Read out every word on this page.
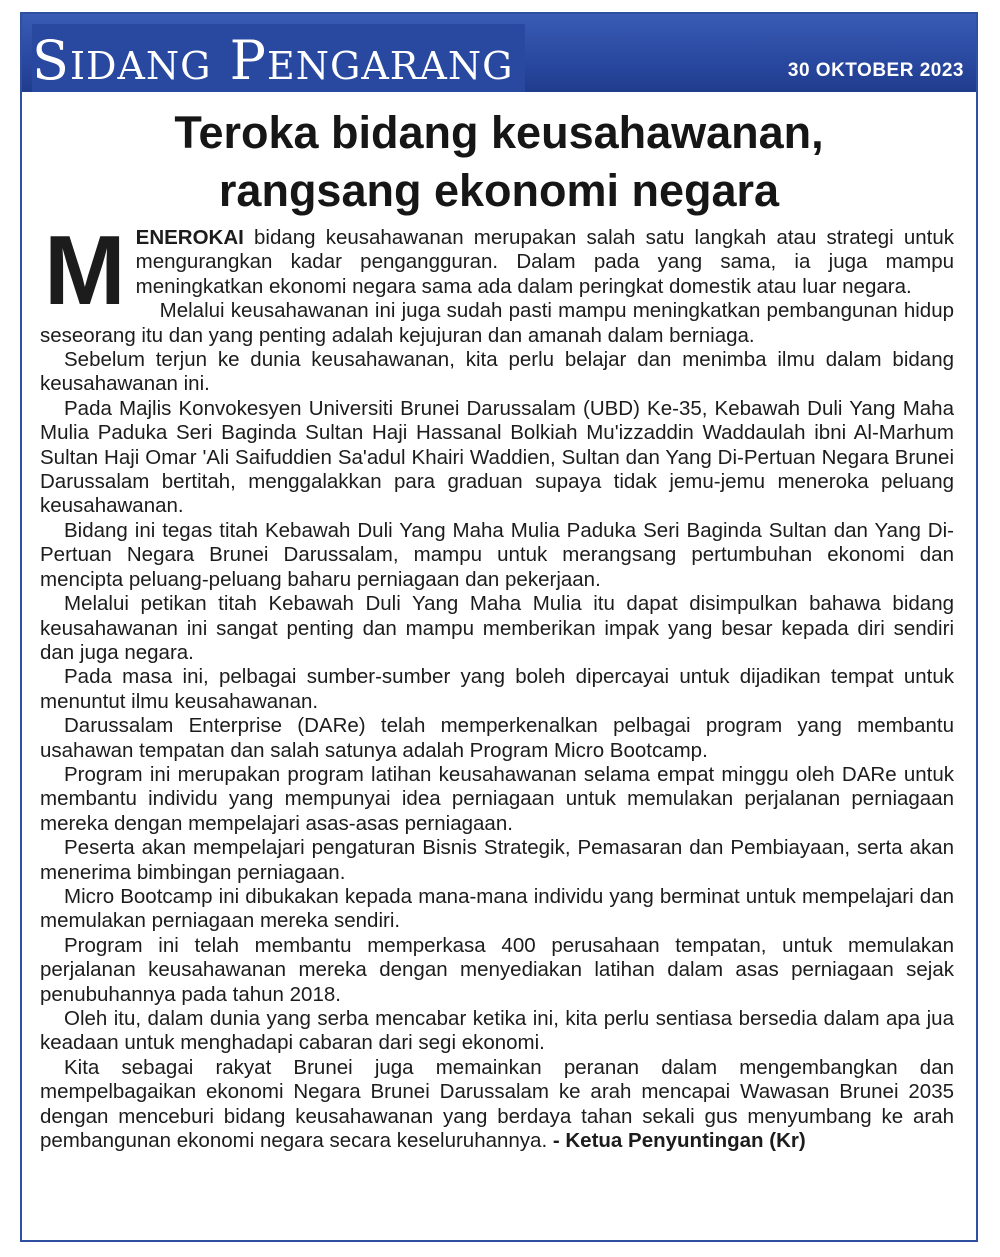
Sidang Pengarang	30 OKTOBER 2023
Teroka bidang keusahawanan,
rangsang ekonomi negara

MENEROKAI bidang keusahawanan merupakan salah satu langkah atau strategi untuk mengurangkan kadar pengangguran. Dalam pada yang sama, ia juga mampu meningkatkan ekonomi negara sama ada dalam peringkat domestik atau luar negara.

Melalui keusahawanan ini juga sudah pasti mampu meningkatkan pembangunan hidup seseorang itu dan yang penting adalah kejujuran dan amanah dalam berniaga.

Sebelum terjun ke dunia keusahawanan, kita perlu belajar dan menimba ilmu dalam bidang keusahawanan ini.

Pada Majlis Konvokesyen Universiti Brunei Darussalam (UBD) Ke-35, Kebawah Duli Yang Maha Mulia Paduka Seri Baginda Sultan Haji Hassanal Bolkiah Mu'izzaddin Waddaulah ibni Al-Marhum Sultan Haji Omar 'Ali Saifuddien Sa'adul Khairi Waddien, Sultan dan Yang Di-Pertuan Negara Brunei Darussalam bertitah, menggalakkan para graduan supaya tidak jemu-jemu meneroka peluang keusahawanan.

Bidang ini tegas titah Kebawah Duli Yang Maha Mulia Paduka Seri Baginda Sultan dan Yang Di-Pertuan Negara Brunei Darussalam, mampu untuk merangsang pertumbuhan ekonomi dan mencipta peluang-peluang baharu perniagaan dan pekerjaan.

Melalui petikan titah Kebawah Duli Yang Maha Mulia itu dapat disimpulkan bahawa bidang keusahawanan ini sangat penting dan mampu memberikan impak yang besar kepada diri sendiri dan juga negara.

Pada masa ini, pelbagai sumber-sumber yang boleh dipercayai untuk dijadikan tempat untuk menuntut ilmu keusahawanan.

Darussalam Enterprise (DARe) telah memperkenalkan pelbagai program yang membantu usahawan tempatan dan salah satunya adalah Program Micro Bootcamp.

Program ini merupakan program latihan keusahawanan selama empat minggu oleh DARe untuk membantu individu yang mempunyai idea perniagaan untuk memulakan perjalanan perniagaan mereka dengan mempelajari asas-asas perniagaan.

Peserta akan mempelajari pengaturan Bisnis Strategik, Pemasaran dan Pembiayaan, serta akan menerima bimbingan perniagaan.

Micro Bootcamp ini dibukakan kepada mana-mana individu yang berminat untuk mempelajari dan memulakan perniagaan mereka sendiri.

Program ini telah membantu memperkasa 400 perusahaan tempatan, untuk memulakan perjalanan keusahawanan mereka dengan menyediakan latihan dalam asas perniagaan sejak penubuhannya pada tahun 2018.

Oleh itu, dalam dunia yang serba mencabar ketika ini, kita perlu sentiasa bersedia dalam apa jua keadaan untuk menghadapi cabaran dari segi ekonomi.

Kita sebagai rakyat Brunei juga memainkan peranan dalam mengembangkan dan mempelbagaikan ekonomi Negara Brunei Darussalam ke arah mencapai Wawasan Brunei 2035 dengan menceburi bidang keusahawanan yang berdaya tahan sekali gus menyumbang ke arah pembangunan ekonomi negara secara keseluruhannya. - Ketua Penyuntingan (Kr)
